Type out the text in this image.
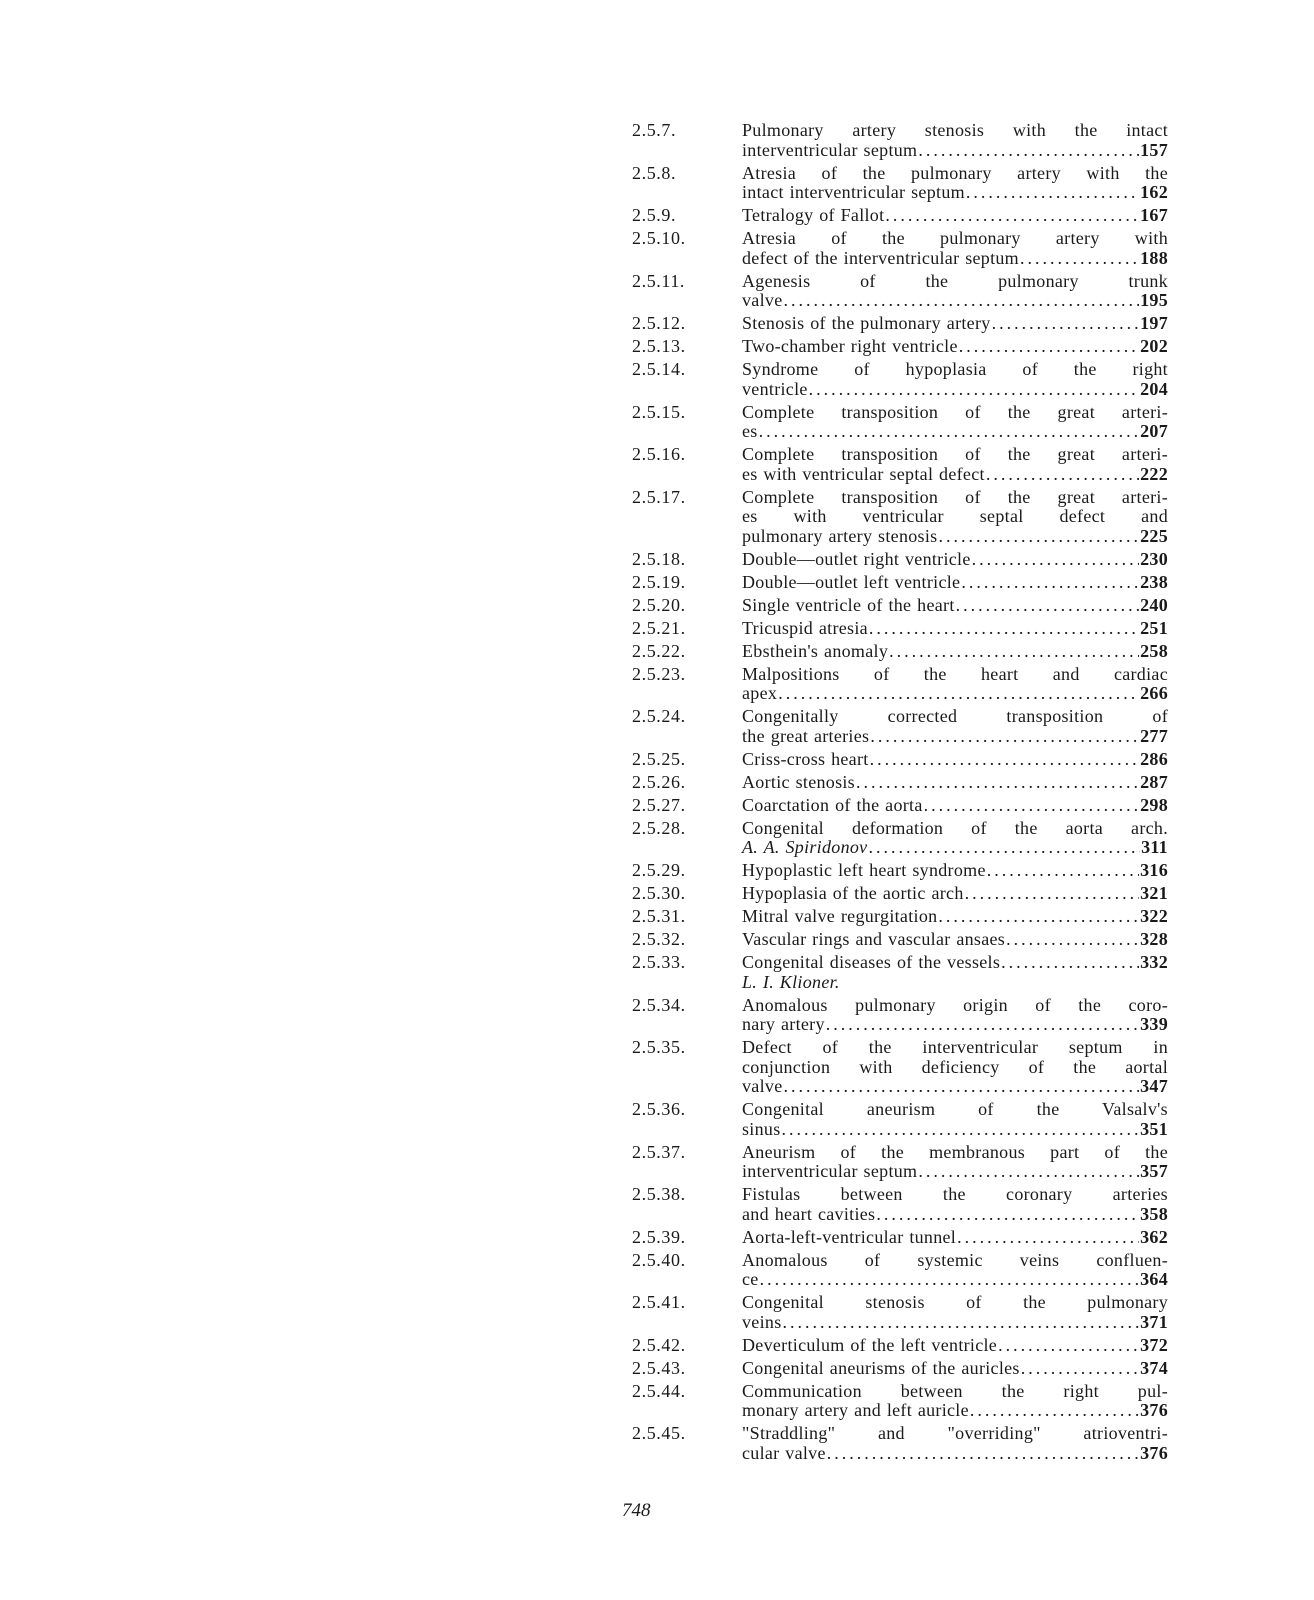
2.5.7.	Pulmonary artery stenosis with the intact
interventricular septum .....	157
2.5.8.	Atresia of the pulmonary artery with the
intact interventricular septum .....	162
2.5.9.	Tetralogy of Fallot .....	167
2.5.10.	Atresia of the pulmonary artery with
defect of the interventricular septum .....	188
2.5.11.	Agenesis of the pulmonary trunk
valve .....	195
2.5.12.	Stenosis of the pulmonary artery .....	197
2.5.13.	Two-chamber right ventricle .....	202
2.5.14.	Syndrome of hypoplasia of the right
ventricle .....	204
2.5.15.	Complete transposition of the great arteri-
es .....	207
2.5.16.	Complete transposition of the great arteri-
es with ventricular septal defect .....	222
2.5.17.	Complete transposition of the great arteri-
es with ventricular septal defect and
pulmonary artery stenosis .....	225
2.5.18.	Double—outlet right ventricle .....	230
2.5.19.	Double—outlet left ventricle .....	238
2.5.20.	Single ventricle of the heart .....	240
2.5.21.	Tricuspid atresia .....	251
2.5.22.	Ebsthein's anomaly .....	258
2.5.23.	Malpositions of the heart and cardiac
apex .....	266
2.5.24.	Congenitally corrected transposition of
the great arteries .....	277
2.5.25.	Criss-cross heart .....	286
2.5.26.	Aortic stenosis .....	287
2.5.27.	Coarctation of the aorta .....	298
2.5.28.	Congenital deformation of the aorta arch.
A. A. Spiridonov .....	311
2.5.29.	Hypoplastic left heart syndrome .....	316
2.5.30.	Hypoplasia of the aortic arch .....	321
2.5.31.	Mitral valve regurgitation .....	322
2.5.32.	Vascular rings and vascular ansaes .....	328
2.5.33.	Congenital diseases of the vessels .....	332
L. I. Klioner.
2.5.34.	Anomalous pulmonary origin of the coro-
nary artery .....	339
2.5.35.	Defect of the interventricular septum in
conjunction with deficiency of the aortal
valve .....	347
2.5.36.	Congenital aneurism of the Valsalv's
sinus .....	351
2.5.37.	Aneurism of the membranous part of the
interventricular septum .....	357
2.5.38.	Fistulas between the coronary arteries
and heart cavities .....	358
2.5.39.	Aorta-left-ventricular tunnel .....	362
2.5.40.	Anomalous of systemic veins confluen-
ce .....	364
2.5.41.	Congenital stenosis of the pulmonary
veins .....	371
2.5.42.	Deverticulum of the left ventricle .....	372
2.5.43.	Congenital aneurisms of the auricles .....	374
2.5.44.	Communication between the right pul-
monary artery and left auricle .....	376
2.5.45.	"Straddling" and "overriding" atrioventri-
cular valve .....	376
748
